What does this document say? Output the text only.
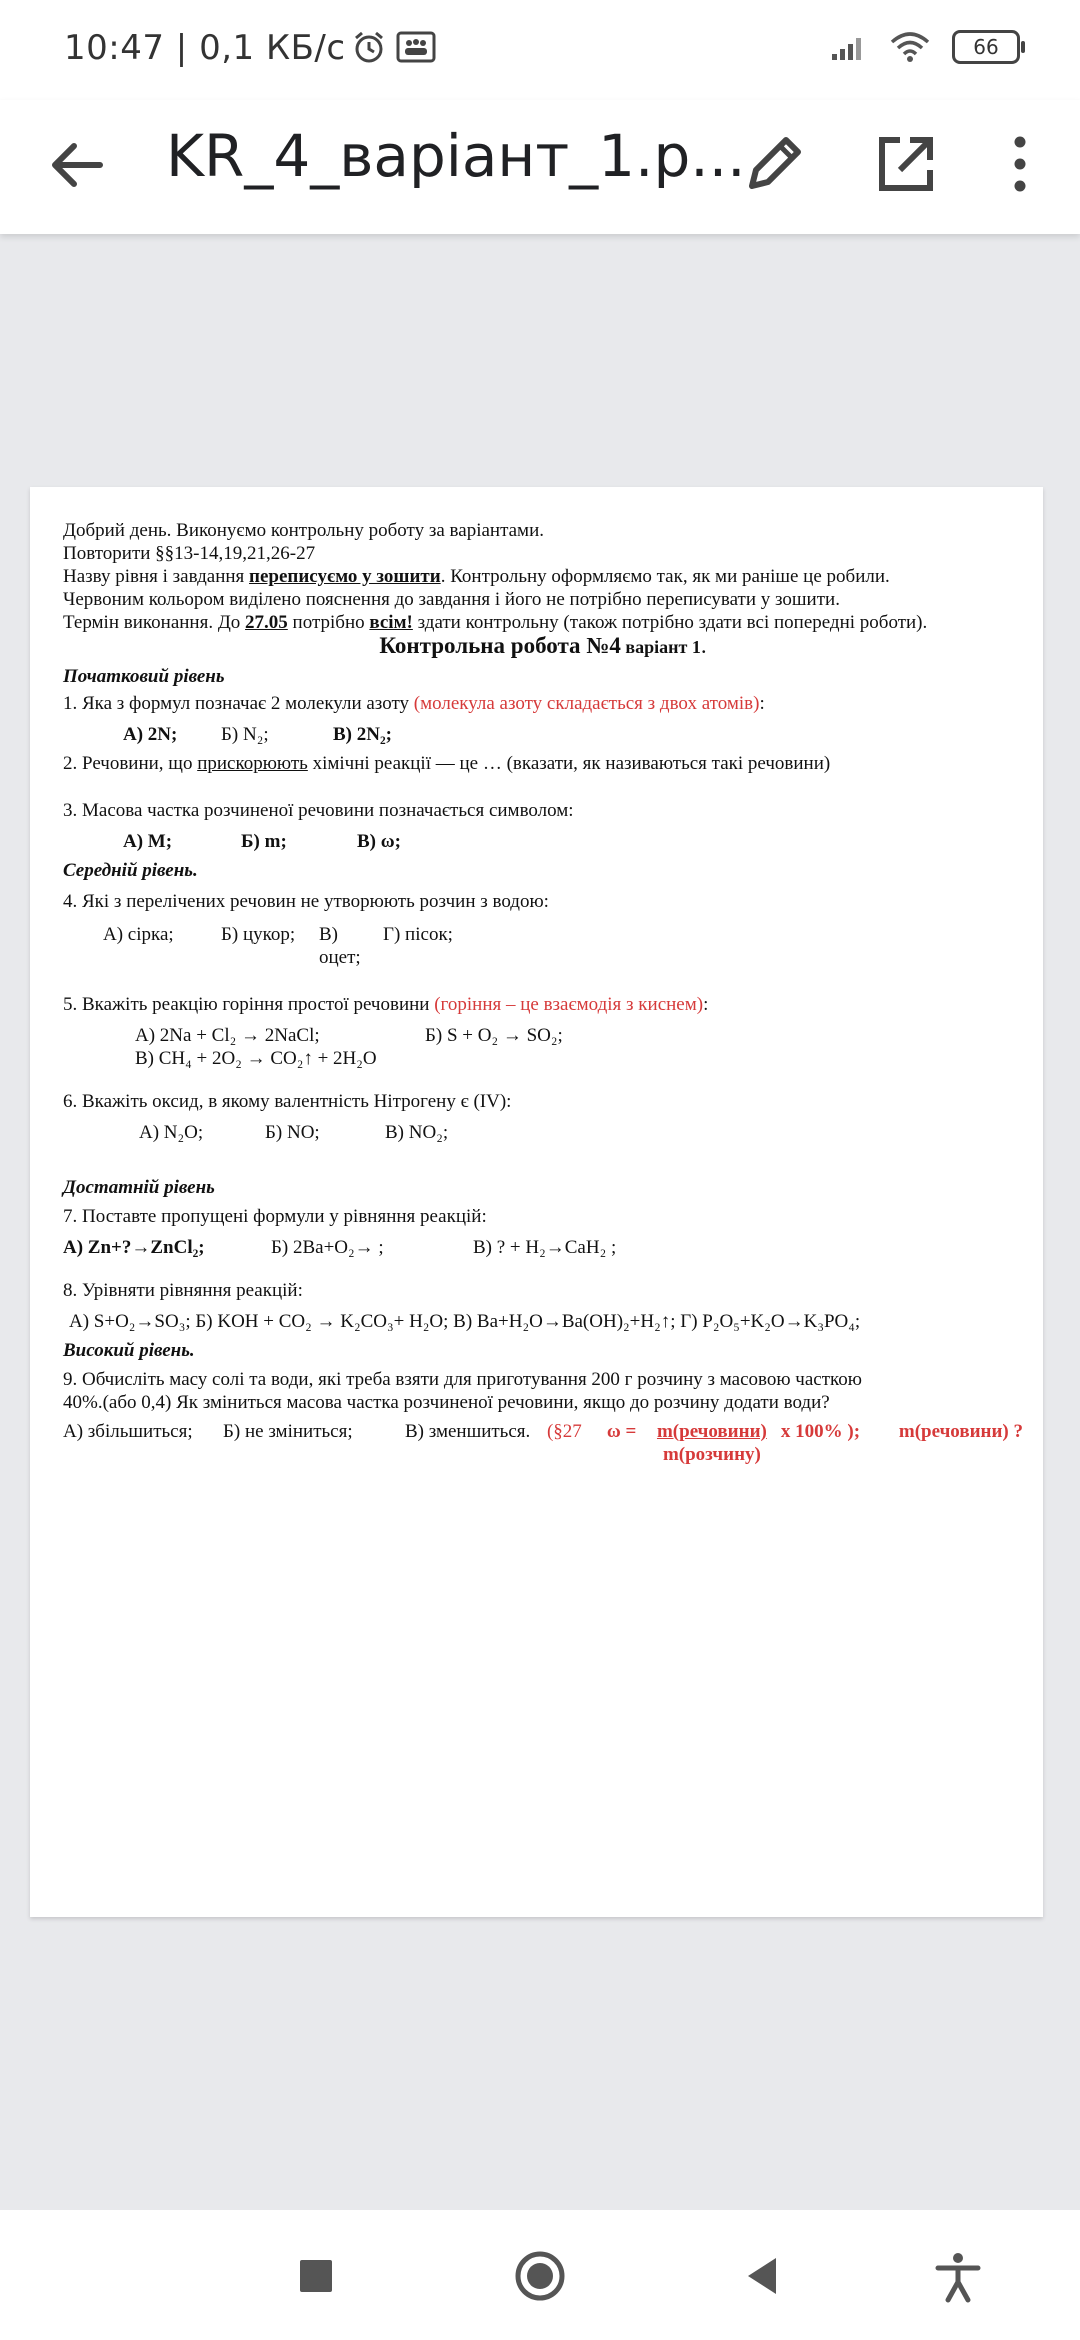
10:47 | 0,1 КБ/с	66
KR_4_варіант_1.p...

Добрий день. Виконуємо контрольну роботу за варіантами.

Повторити §§13-14,19,21,26-27

Назву рівня і завдання переписуємо у зошити. Контрольну оформляємо так, як ми раніше це робили.

Червоним кольором виділено пояснення до завдання і його не потрібно переписувати у зошити.

Термін виконання. До 27.05 потрібно всім! здати контрольну (також потрібно здати всі попередні роботи).

Контрольна робота №4 варіант 1.

Початковий рівень

1. Яка з формул позначає 2 молекули азоту (молекула азоту складається з двох атомів):

А) 2N;	Б) N₂;	В) 2N₂;

2. Речовини, що прискорюють хімічні реакції — це … (вказати, як називаються такі речовини)

3. Масова частка розчиненої речовини позначається символом:

А) М;	Б) m;	В) ω;

Середній рівень.

4. Які з перелічених речовин не утворюють розчин з водою:

А) сірка;	Б) цукор;	В) оцет;
Г) пісок;

5. Вкажіть реакцію горіння простої речовини (горіння – це взаємодія з киснем):

А) 2Na + Cl₂ → 2NaCl;	Б) S + O₂ → SO₂;

В) CH₄ + 2O₂ → CO₂↑ + 2H₂O

6. Вкажіть оксид, в якому валентність Нітрогену є (IV):

А) N₂O;	Б) NO;	В) NO₂;

Достатній рівень

7. Поставте пропущені формули у рівняння реакцій:

А) Zn+?→ZnCl₂;	Б) 2Ba+O₂→ ;	В) ? + H₂→CaH₂ ;

8. Урівняти рівняння реакцій:

А) S+O₂→SO₃; Б) KOH + CO₂ → K₂CO₃+ H₂O; В) Ba+H₂O→Ba(OH)₂+H₂↑; Г) P₂O₅+K₂O→K₃PO₄;

Високий рівень.

9. Обчисліть масу солі та води, які треба взяти для приготування 200 г розчину з масовою часткою

40%.(або 0,4) Як зміниться масова частка розчиненої речовини, якщо до розчину додати води?

А) збільшиться;	Б) не зміниться;	В) зменшиться. (§27	ω =	m(речовини)
m(розчину)
х 100% );	m(речовини) ?
